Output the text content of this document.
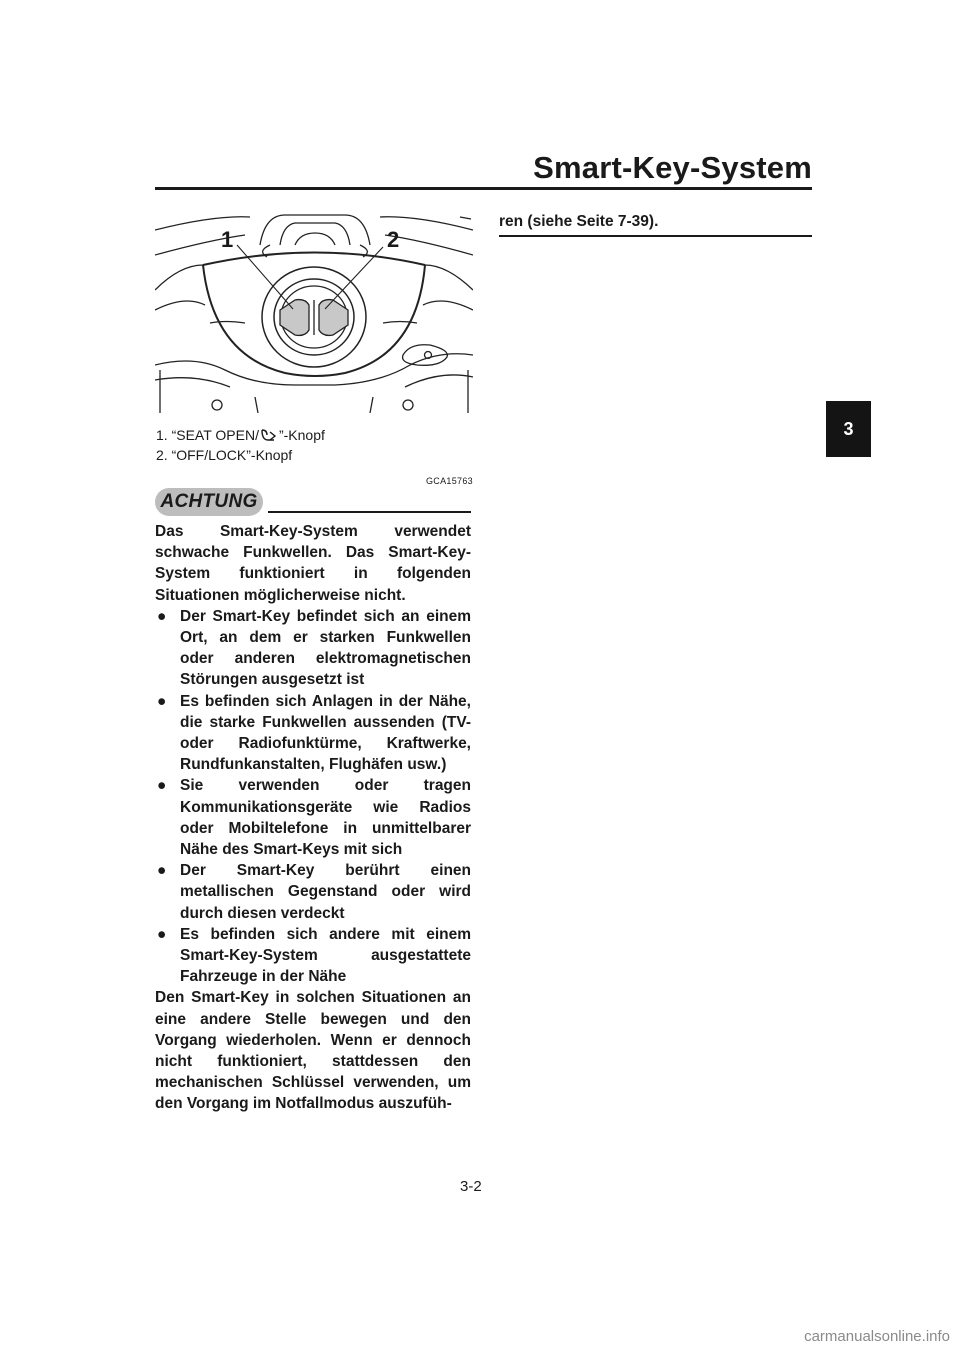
Smart-Key-System
3
1	2
1. “SEAT OPEN/ ”-Knopf
2. “OFF/LOCK”-Knopf
GCA15763
ACHTUNG

Das Smart-Key-System verwendet schwache Funkwellen. Das Smart-Key-System funktioniert in folgenden Situationen möglicherweise nicht.

● Der Smart-Key befindet sich an einem Ort, an dem er starken Funkwellen oder anderen elektromagnetischen Störungen ausgesetzt ist
● Es befinden sich Anlagen in der Nähe, die starke Funkwellen aussenden (TV- oder Radiofunktürme, Kraftwerke, Rundfunkanstalten, Flughäfen usw.)
● Sie verwenden oder tragen Kommunikationsgeräte wie Radios oder Mobiltelefone in unmittelbarer Nähe des Smart-Keys mit sich
● Der Smart-Key berührt einen metallischen Gegenstand oder wird durch diesen verdeckt
● Es befinden sich andere mit einem Smart-Key-System ausgestattete Fahrzeuge in der Nähe

Den Smart-Key in solchen Situationen an eine andere Stelle bewegen und den Vorgang wiederholen. Wenn er dennoch nicht funktioniert, stattdessen den mechanischen Schlüssel verwenden, um den Vorgang im Notfallmodus auszufüh-

ren (siehe Seite 7-39).
3-2
carmanualsonline.info
